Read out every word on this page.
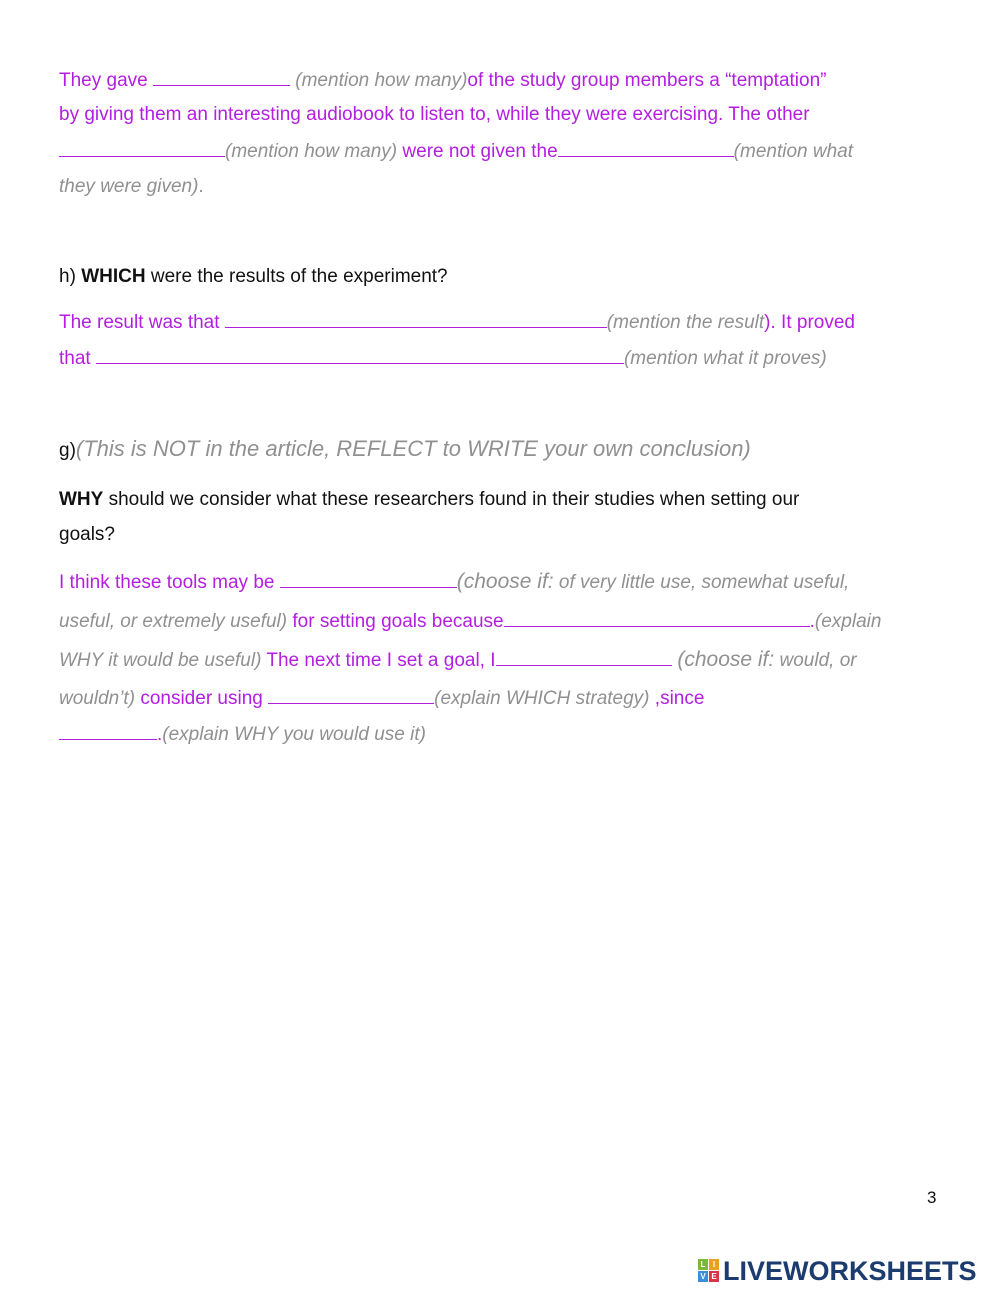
They gave	(mention how many)of the study group members a “temptation”
by giving them an interesting audiobook to listen to, while they were exercising. The other
(mention how many) were not given the	(mention what
they were given).
h) WHICH were the results of the experiment?
The result was that	(mention the result). It proved
that	(mention what it proves)
g)(This is NOT in the article, REFLECT to WRITE your own conclusion)
WHY should we consider what these researchers found in their studies when setting our
goals?
I think these tools may be	(choose if: of very little use, somewhat useful,
useful, or extremely useful) for setting goals because	.(explain
WHY it would be useful) The next time I set a goal, I	(choose if: would, or
wouldn’t) consider using	(explain WHICH strategy) ,since
.(explain WHY you would use it)
3
L I
V E LIVEWORKSHEETS
